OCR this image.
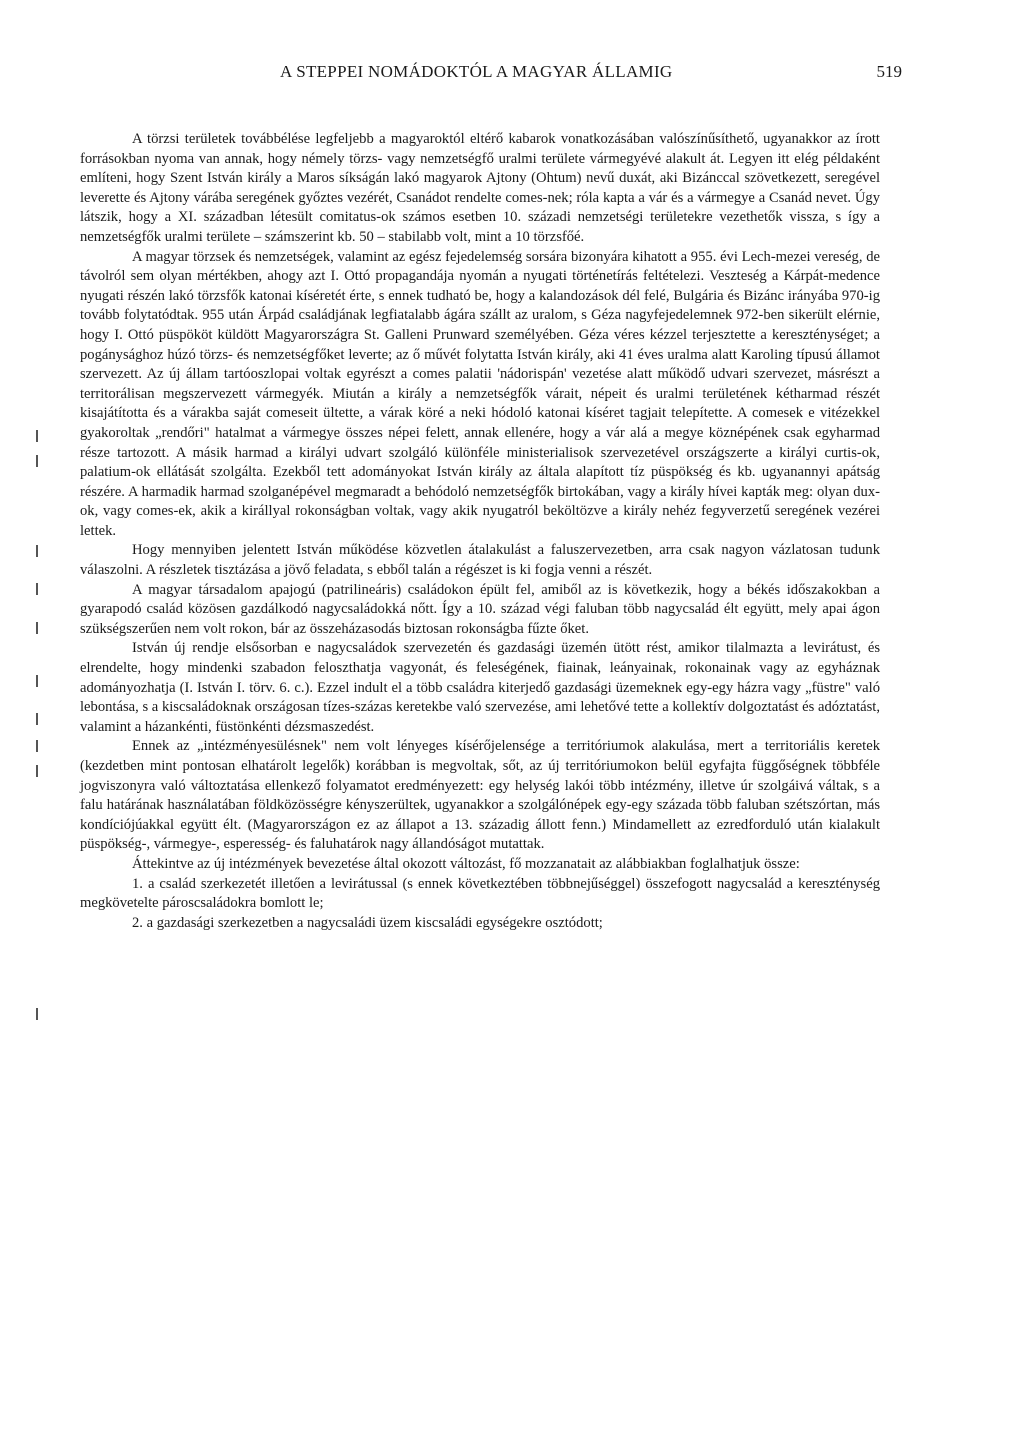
A STEPPEI NOMÁDOKTÓL A MAGYAR ÁLLAMIG	519

A törzsi területek továbbélése legfeljebb a magyaroktól eltérő kabarok vonatkozásában valószínűsíthető, ugyanakkor az írott forrásokban nyoma van annak, hogy némely törzs- vagy nemzetségfő uralmi területe vármegyévé alakult át. Legyen itt elég példaként említeni, hogy Szent István király a Maros síkságán lakó magyarok Ajtony (Ohtum) nevű duxát, aki Bizánccal szövetkezett, seregével leverette és Ajtony várába seregének győztes vezérét, Csanádot rendelte comes-nek; róla kapta a vár és a vármegye a Csanád nevet. Úgy látszik, hogy a XI. században létesült comitatus-ok számos esetben 10. századi nemzetségi területekre vezethetők vissza, s így a nemzetségfők uralmi területe – számszerint kb. 50 – stabilabb volt, mint a 10 törzsfőé.

A magyar törzsek és nemzetségek, valamint az egész fejedelemség sorsára bizonyára kihatott a 955. évi Lech-mezei vereség, de távolról sem olyan mértékben, ahogy azt I. Ottó propagandája nyomán a nyugati történetírás feltételezi. Veszteség a Kárpát-medence nyugati részén lakó törzsfők katonai kíséretét érte, s ennek tudható be, hogy a kalandozások dél felé, Bulgária és Bizánc irányába 970-ig tovább folytatódtak. 955 után Árpád családjának legfiatalabb ágára szállt az uralom, s Géza nagyfejedelemnek 972-ben sikerült elérnie, hogy I. Ottó püspököt küldött Magyarországra St. Galleni Prunward személyében. Géza véres kézzel terjesztette a kereszténységet; a pogánysághoz húzó törzs- és nemzetségfőket leverte; az ő művét folytatta István király, aki 41 éves uralma alatt Karoling típusú államot szervezett. Az új állam tartóoszlopai voltak egyrészt a comes palatii 'nádorispán' vezetése alatt működő udvari szervezet, másrészt a territorálisan megszervezett vármegyék. Miután a király a nemzetségfők várait, népeit és uralmi területének kétharmad részét kisajátította és a várakba saját comeseit ültette, a várak köré a neki hódoló katonai kíséret tagjait telepítette. A comesek e vitézekkel gyakoroltak „rendőri" hatalmat a vármegye összes népei felett, annak ellenére, hogy a vár alá a megye köznépének csak egyharmad része tartozott. A másik harmad a királyi udvart szolgáló különféle ministerialisok szervezetével országszerte a királyi curtis-ok, palatium-ok ellátását szolgálta. Ezekből tett adományokat István király az általa alapított tíz püspökség és kb. ugyanannyi apátság részére. A harmadik harmad szolganépével megmaradt a behódoló nemzetségfők birtokában, vagy a király hívei kapták meg: olyan dux-ok, vagy comes-ek, akik a királlyal rokonságban voltak, vagy akik nyugatról beköltözve a király nehéz fegyverzetű seregének vezérei lettek.

Hogy mennyiben jelentett István működése közvetlen átalakulást a faluszervezetben, arra csak nagyon vázlatosan tudunk válaszolni. A részletek tisztázása a jövő feladata, s ebből talán a régészet is ki fogja venni a részét.

A magyar társadalom apajogú (patrilineáris) családokon épült fel, amiből az is következik, hogy a békés időszakokban a gyarapodó család közösen gazdálkodó nagycsaládokká nőtt. Így a 10. század végi faluban több nagycsalád élt együtt, mely apai ágon szükségszerűen nem volt rokon, bár az összeházasodás biztosan rokonságba fűzte őket.

István új rendje elsősorban e nagycsaládok szervezetén és gazdasági üzemén ütött rést, amikor tilalmazta a levirátust, és elrendelte, hogy mindenki szabadon feloszthatja vagyonát, és feleségének, fiainak, leányainak, rokonainak vagy az egyháznak adományozhatja (I. István I. törv. 6. c.). Ezzel indult el a több családra kiterjedő gazdasági üzemeknek egy-egy házra vagy „füstre" való lebontása, s a kiscsaládoknak országosan tízes-százas keretekbe való szervezése, ami lehetővé tette a kollektív dolgoztatást és adóztatást, valamint a házankénti, füstönkénti dézsmaszedést.

Ennek az „intézményesülésnek" nem volt lényeges kísérőjelensége a territóriumok alakulása, mert a territoriális keretek (kezdetben mint pontosan elhatárolt legelők) korábban is megvoltak, sőt, az új territóriumokon belül egyfajta függőségnek többféle jogviszonyra való változtatása ellenkező folyamatot eredményezett: egy helység lakói több intézmény, illetve úr szolgáivá váltak, s a falu határának használatában földközösségre kényszerültek, ugyanakkor a szolgálónépek egy-egy százada több faluban szétszórtan, más kondíciójúakkal együtt élt. (Magyarországon ez az állapot a 13. századig állott fenn.) Mindamellett az ezredforduló után kialakult püspökség-, vármegye-, esperesség- és faluhatárok nagy állandóságot mutattak.

Áttekintve az új intézmények bevezetése által okozott változást, fő mozzanatait az alábbiakban foglalhatjuk össze:

1. a család szerkezetét illetően a levirátussal (s ennek következtében többnejűséggel) összefogott nagycsalád a kereszténység megkövetelte pároscsaládokra bomlott le;
2. a gazdasági szerkezetben a nagycsaládi üzem kiscsaládi egységekre osztódott;
